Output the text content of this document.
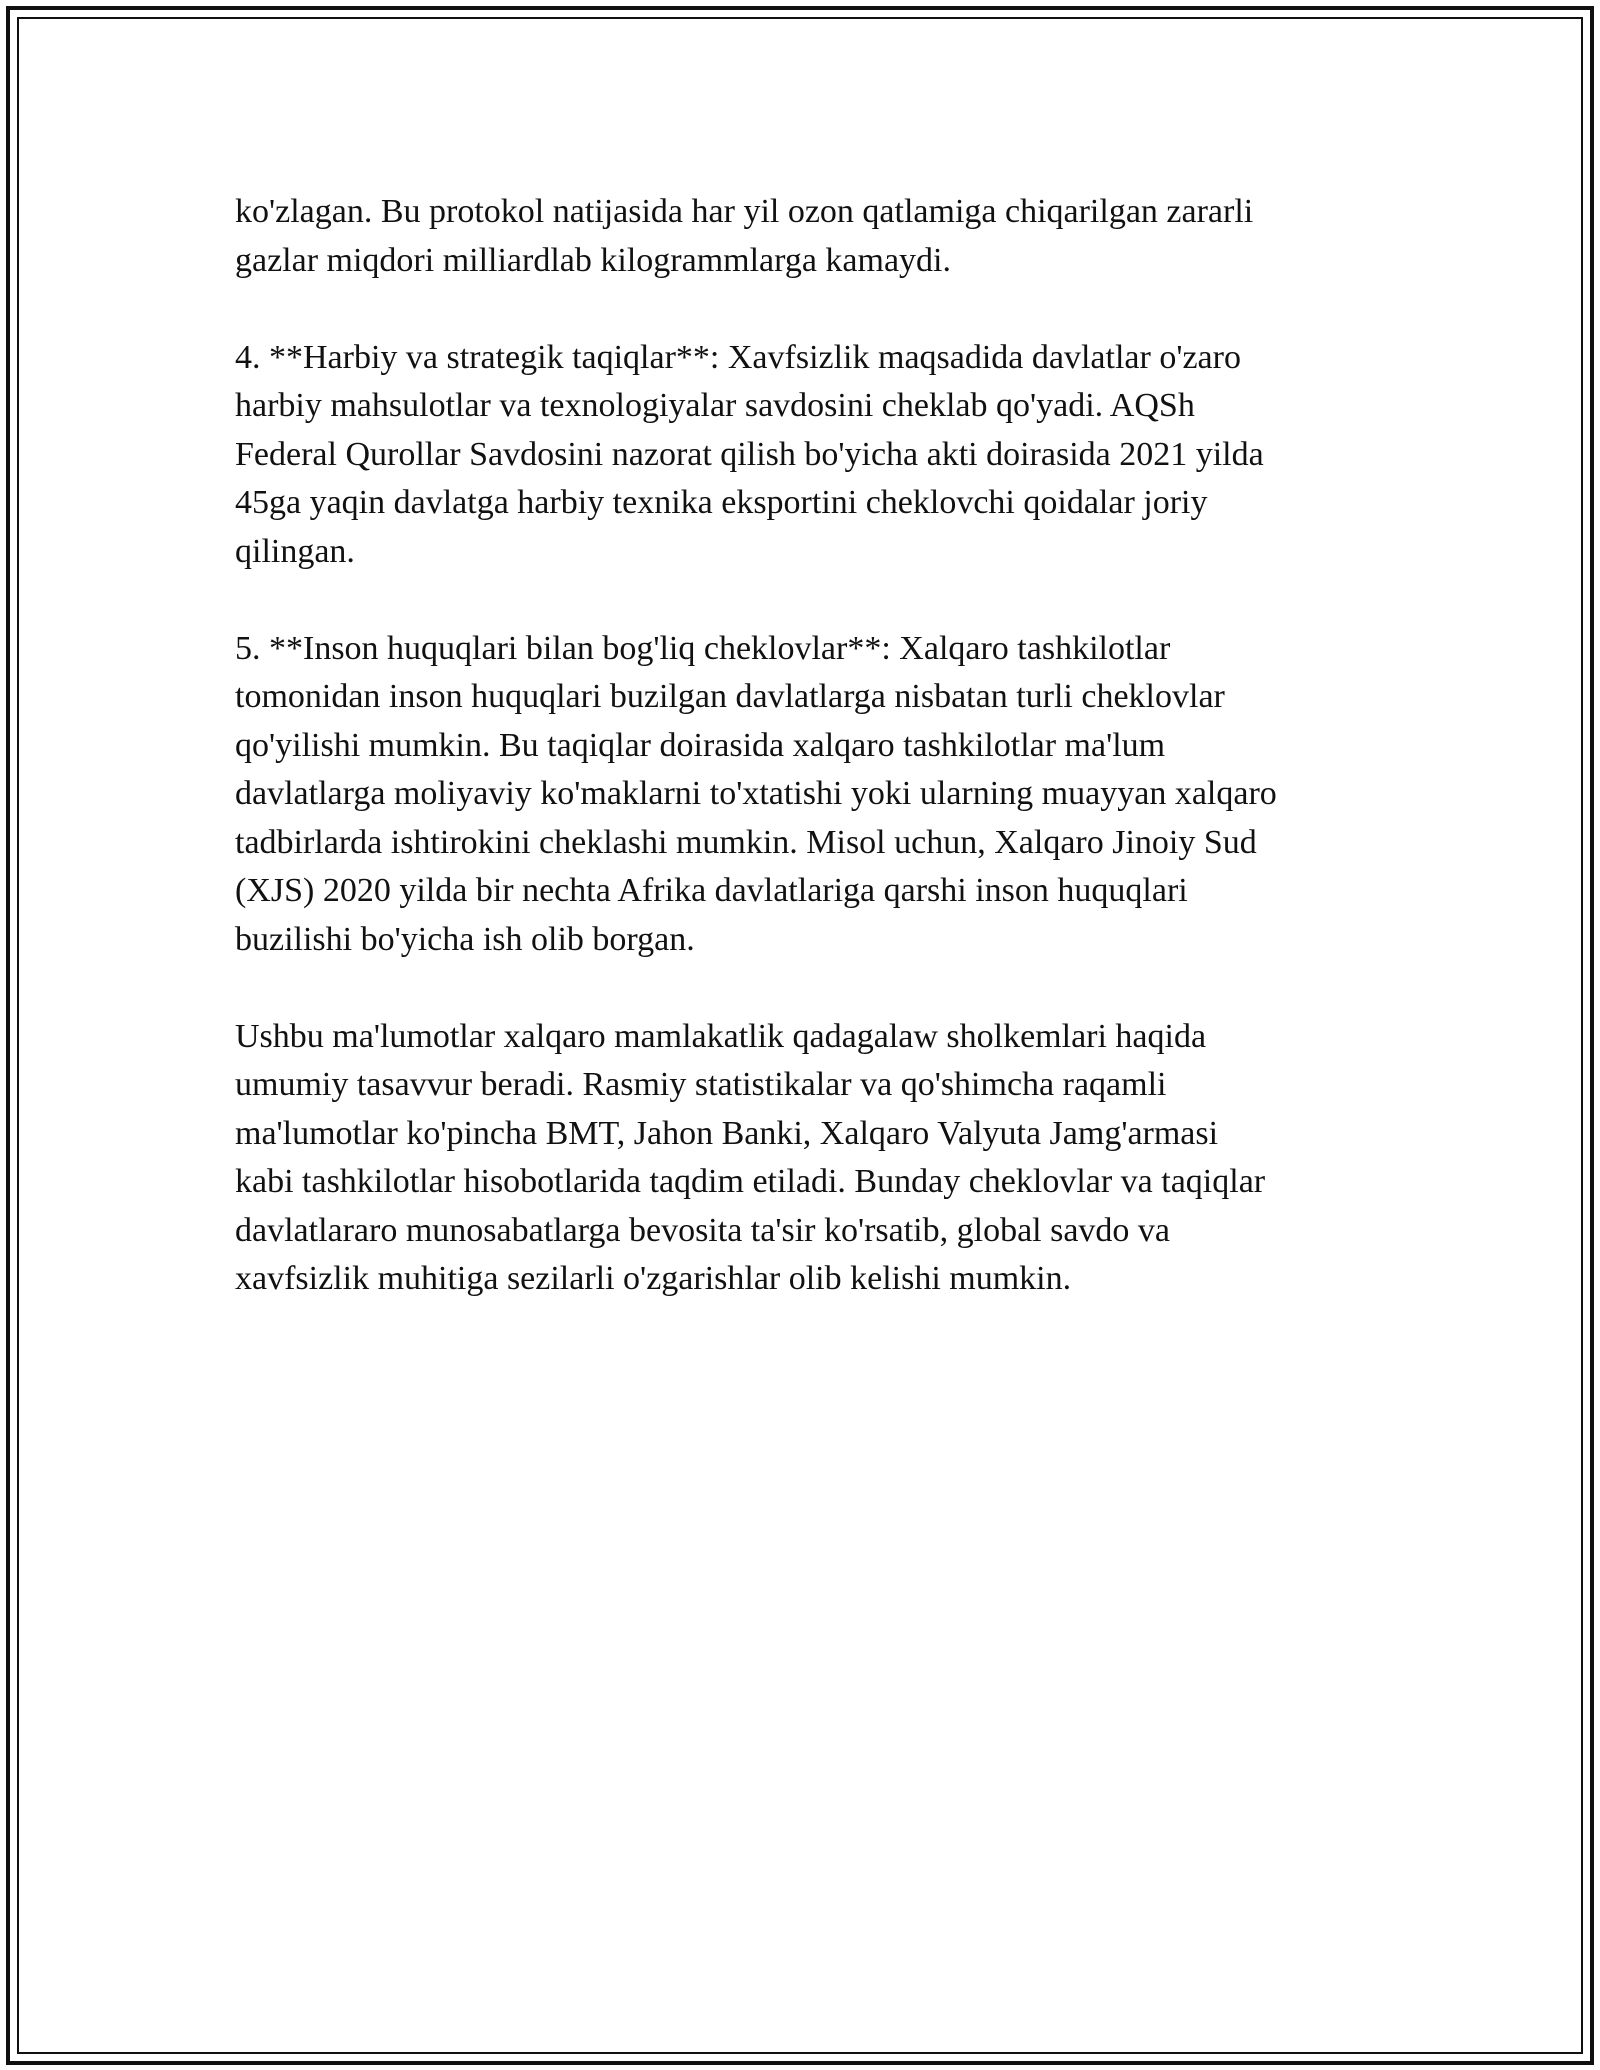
ko'zlagan. Bu protokol natijasida har yil ozon qatlamiga chiqarilgan zararli
gazlar miqdori milliardlab kilogrammlarga kamaydi.

4. **Harbiy va strategik taqiqlar**: Xavfsizlik maqsadida davlatlar o'zaro
harbiy mahsulotlar va texnologiyalar savdosini cheklab qo'yadi. AQSh
Federal Qurollar Savdosini nazorat qilish bo'yicha akti doirasida 2021 yilda
45ga yaqin davlatga harbiy texnika eksportini cheklovchi qoidalar joriy
qilingan.

5. **Inson huquqlari bilan bog'liq cheklovlar**: Xalqaro tashkilotlar
tomonidan inson huquqlari buzilgan davlatlarga nisbatan turli cheklovlar
qo'yilishi mumkin. Bu taqiqlar doirasida xalqaro tashkilotlar ma'lum
davlatlarga moliyaviy ko'maklarni to'xtatishi yoki ularning muayyan xalqaro
tadbirlarda ishtirokini cheklashi mumkin. Misol uchun, Xalqaro Jinoiy Sud
(XJS) 2020 yilda bir nechta Afrika davlatlariga qarshi inson huquqlari
buzilishi bo'yicha ish olib borgan.

Ushbu ma'lumotlar xalqaro mamlakatlik qadagalaw sholkemlari haqida
umumiy tasavvur beradi. Rasmiy statistikalar va qo'shimcha raqamli
ma'lumotlar ko'pincha BMT, Jahon Banki, Xalqaro Valyuta Jamg'armasi
kabi tashkilotlar hisobotlarida taqdim etiladi. Bunday cheklovlar va taqiqlar
davlatlararo munosabatlarga bevosita ta'sir ko'rsatib, global savdo va
xavfsizlik muhitiga sezilarli o'zgarishlar olib kelishi mumkin.
